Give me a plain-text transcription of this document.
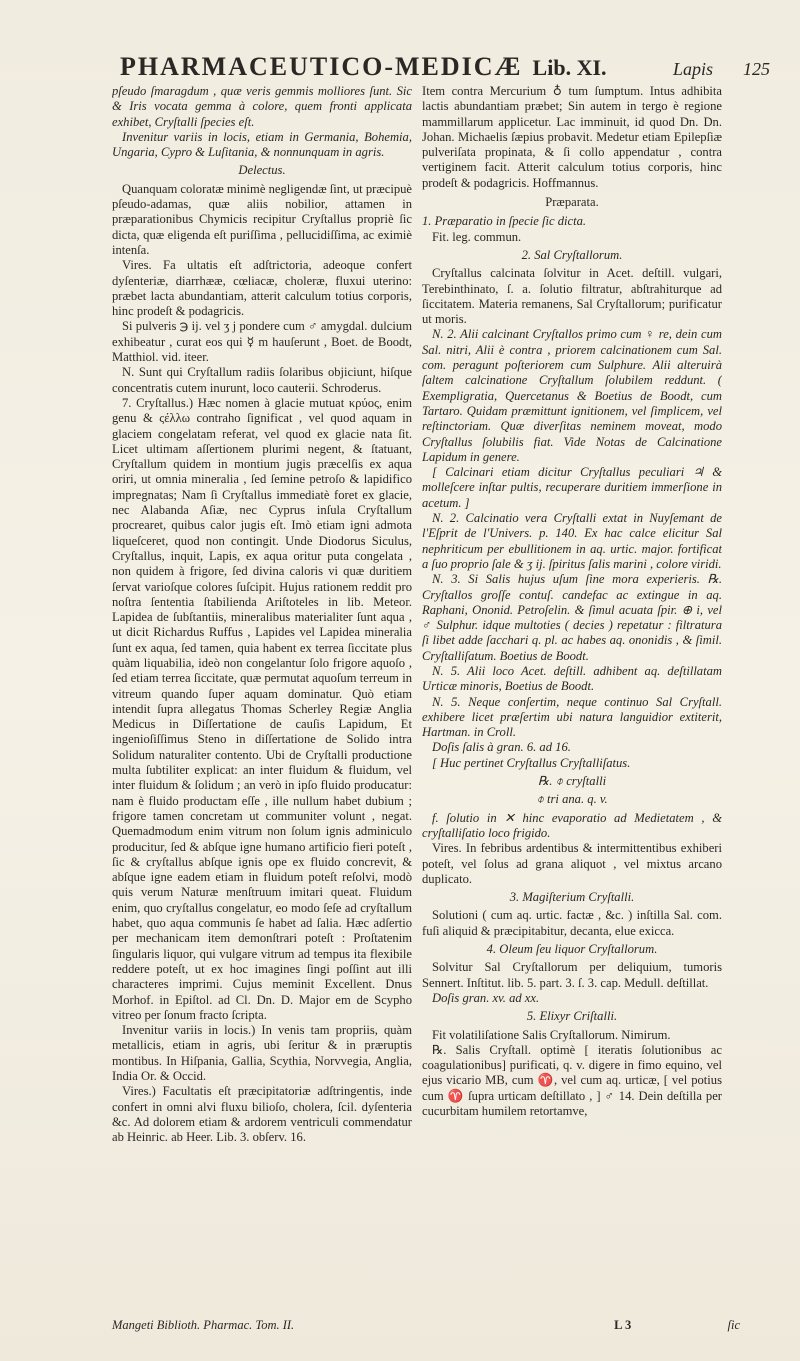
PHARMACEUTICO-MEDICÆ Lib. XI.	Lapis 125

pſeudo ſmaragdum , quæ veris gemmis molliores ſunt. Sic & Iris vocata gemma à colore, quem fronti applicata exhibet, Cryſtalli ſpecies eſt.

Invenitur variis in locis, etiam in Germania, Bohemia, Ungaria, Cypro & Luſitania, & nonnunquam in agris.

Delectus.

Quanquam coloratæ minimè negligendæ ſint, ut præcipuè pſeudo-adamas, quæ aliis nobilior, attamen in præparationibus Chymicis recipitur Cryſtallus propriè ſic dicta, quæ eligenda eſt puriſſima , pellucidiſſima, ac eximiè intenſa.

Vires. Fa ultatis eſt adſtrictoria, adeoque confert dyſenteriæ, diarrhææ, cœliacæ, choleræ, fluxui uterino: præbet lacta abundantiam, atterit calculum totius corporis, hinc prodeſt & podagricis.

Si pulveris ℈ ij. vel ʒ j pondere cum ♂ amygdal. dulcium exhibeatur , curat eos qui ☿ m hauſerunt , Boet. de Boodt, Matthiol. vid. iteer.

N. Sunt qui Cryſtallum radiis ſolaribus objiciunt, hiſque concentratis cutem inurunt, loco cauterii. Schroderus.

7. Cryſtallus.) Hæc nomen à glacie mutuat κρύος, enim genu & ςέλλω contraho ſignificat , vel quod aquam in glaciem congelatam referat, vel quod ex glacie nata ſit. Licet ultimam aſſertionem plurimi negent, & ſtatuant, Cryſtallum quidem in montium jugis præcelſis ex aqua oriri, ut omnia mineralia , ſed ſemine petroſo & lapidifico impregnatas; Nam ſi Cryſtallus immediatè foret ex glacie, nec Alabanda Aſiæ, nec Cyprus inſula Cryſtallum procrearet, quibus calor jugis eſt. Imò etiam igni admota liqueſceret, quod non contingit. Unde Diodorus Siculus, Cryſtallus, inquit, Lapis, ex aqua oritur puta congelata , non quidem à frigore, ſed divina caloris vi quæ duritiem ſervat varioſque colores ſuſcipit. Hujus rationem reddit pro noſtra ſententia ſtabilienda Ariſtoteles in lib. Meteor. Lapidea de ſubſtantiis, mineralibus materialiter ſunt aqua , ut dicit Richardus Ruffus , Lapides vel Lapidea mineralia ſunt ex aqua, ſed tamen, quia habent ex terrea ſiccitate plus quàm liquabilia, ideò non congelantur ſolo frigore aquoſo , ſed etiam terrea ſiccitate, quæ permutat aquoſum terreum in vitreum quando ſuper aquam dominatur. Quò etiam intendit ſupra allegatus Thomas Scherley Regiæ Anglia Medicus in Diſſertatione de cauſis Lapidum, Et ingenioſiſſimus Steno in diſſertatione de Solido intra Solidum naturaliter contento. Ubi de Cryſtalli productione multa ſubtiliter explicat: an inter fluidum & fluidum, vel inter fluidum & ſolidum ; an verò in ipſo fluido producatur: nam è fluido productam eſſe , ille nullum habet dubium ; frigore tamen concretam ut communiter volunt , negat. Quemadmodum enim vitrum non ſolum ignis adminiculo producitur, ſed & abſque igne humano artificio fieri poteſt , ſic & cryſtallus abſque ignis ope ex fluido concrevit, & abſque igne eadem etiam in fluidum poteſt reſolvi, modò quis verum Naturæ menſtruum imitari queat. Fluidum enim, quo cryſtallus congelatur, eo modo ſeſe ad cryſtallum habet, quo aqua communis ſe habet ad ſalia. Hæc adſertio per mechanicam item demonſtrari poteſt : Proſtatenim ſingularis liquor, qui vulgare vitrum ad tempus ita flexibile reddere poteſt, ut ex hoc imagines ſingi poſſint aut illi characteres imprimi. Cujus meminit Excellent. Dnus Morhof. in Epiſtol. ad Cl. Dn. D. Major em de Scypho vitreo per ſonum fracto ſcripta.

Invenitur variis in locis.) In venis tam propriis, quàm metallicis, etiam in agris, ubi ſeritur & in præruptis montibus. In Hiſpania, Gallia, Scythia, Norvvegia, Anglia, India Or. & Occid.

Vires.) Facultatis eſt præcipitatoriæ adſtringentis, inde confert in omni alvi fluxu bilioſo, cholera, ſcil. dyſenteria &c. Ad dolorem etiam & ardorem ventriculi commendatur ab Heinric. ab Heer. Lib. 3. obſerv. 16.

Item contra Mercurium ♁ tum ſumptum. Intus adhibita lactis abundantiam præbet; Sin autem in tergo è regione mammillarum applicetur. Lac imminuit, id quod Dn. Dn. Johan. Michaelis ſæpius probavit. Medetur etiam Epilepſiæ pulveriſata propinata, & ſi collo appendatur , contra vertiginem facit. Atterit calculum totius corporis, hinc prodeſt & podagricis. Hoffmannus.

Præparata.

1. Præparatio in ſpecie ſic dicta.

Fit. leg. commun.

2. Sal Cryſtallorum.

Cryſtallus calcinata ſolvitur in Acet. deſtill. vulgari, Terebinthinato, ſ. a. ſolutio filtratur, abſtrahiturque ad ſiccitatem. Materia remanens, Sal Cryſtallorum; purificatur ut moris.

N. 2. Alii calcinant Cryſtallos primo cum ♀ re, dein cum Sal. nitri, Alii è contra , priorem calcinationem cum Sal. com. peragunt poſteriorem cum Sulphure. Alii alteruirà ſaltem calcinatione Cryſtallum ſolubilem reddunt. ( Exempligratia, Quercetanus & Boetius de Boodt, cum Tartaro. Quidam præmittunt ignitionem, vel ſimplicem, vel reſtinctoriam. Quæ diverſitas neminem moveat, modo Cryſtallus ſolubilis fiat. Vide Notas de Calcinatione Lapidum in genere.

[ Calcinari etiam dicitur Cryſtallus peculiari ♃ & molleſcere inſtar pultis, recuperare duritiem immerſione in acetum. ]

N. 2. Calcinatio vera Cryſtalli extat in Nuyſemant de l'Eſprit de l'Univers. p. 140. Ex hac calce elicitur Sal nephriticum per ebullitionem in aq. urtic. major. fortificat a ſuo proprio ſale & ʒ ij. ſpiritus ſalis marini , colore viridi.

N. 3. Si Salis hujus uſum ſine mora experieris. ℞. Cryſtallos groſſe contuſ. candefac ac extingue in aq. Raphani, Ononid. Petroſelin. & ſimul acuata ſpir. ⊕ i, vel ♂ Sulphur. idque multoties ( decies ) repetatur : filtratura ſi libet adde ſacchari q. pl. ac habes aq. ononidis , & ſimil. Cryſtalliſatum. Boetius de Boodt.

N. 5. Alii loco Acet. deſtill. adhibent aq. deſtillatam Urticæ minoris, Boetius de Boodt.

N. 5. Neque conſertim, neque continuo Sal Cryſtall. exhibere licet præſertim ubi natura languidior extiterit, Hartman. in Croll.

Doſis ſalis à gran. 6. ad 16.

[ Huc pertinet Cryſtallus Cryſtalliſatus.

℞. ⌽ cryſtalli

⌽ tri ana. q. v.

f. ſolutio in ✕ hinc evaporatio ad Medietatem , & cryſtalliſatio loco frigido.

Vires. In febribus ardentibus & intermittentibus exhiberi poteſt, vel ſolus ad grana aliquot , vel mixtus arcano duplicato.

3. Magiſterium Cryſtalli.

Solutioni ( cum aq. urtic. factæ , &c. ) inſtilla Sal. com. fuſi aliquid & præcipitabitur, decanta, elue exicca.

4. Oleum ſeu liquor Cryſtallorum.

Solvitur Sal Cryſtallorum per deliquium, tumoris Sennert. Inſtitut. lib. 5. part. 3. ſ. 3. cap. Medull. deſtillat.

Doſis gran. xv. ad xx.

5. Elixyr Criſtalli.

Fit volatiliſatione Salis Cryſtallorum. Nimirum.

℞. Salis Cryſtall. optimè [ iteratis ſolutionibus ac coagulationibus] purificati, q. v. digere in fimo equino, vel ejus vicario MB, cum ♈, vel cum aq. urticæ, [ vel potius cum ♈ ſupra urticam deſtillato , ] ♂ 14. Dein deſtilla per cucurbitam humilem retortamve,

Mangeti Biblioth. Pharmac. Tom. II.	L 3	ſic
